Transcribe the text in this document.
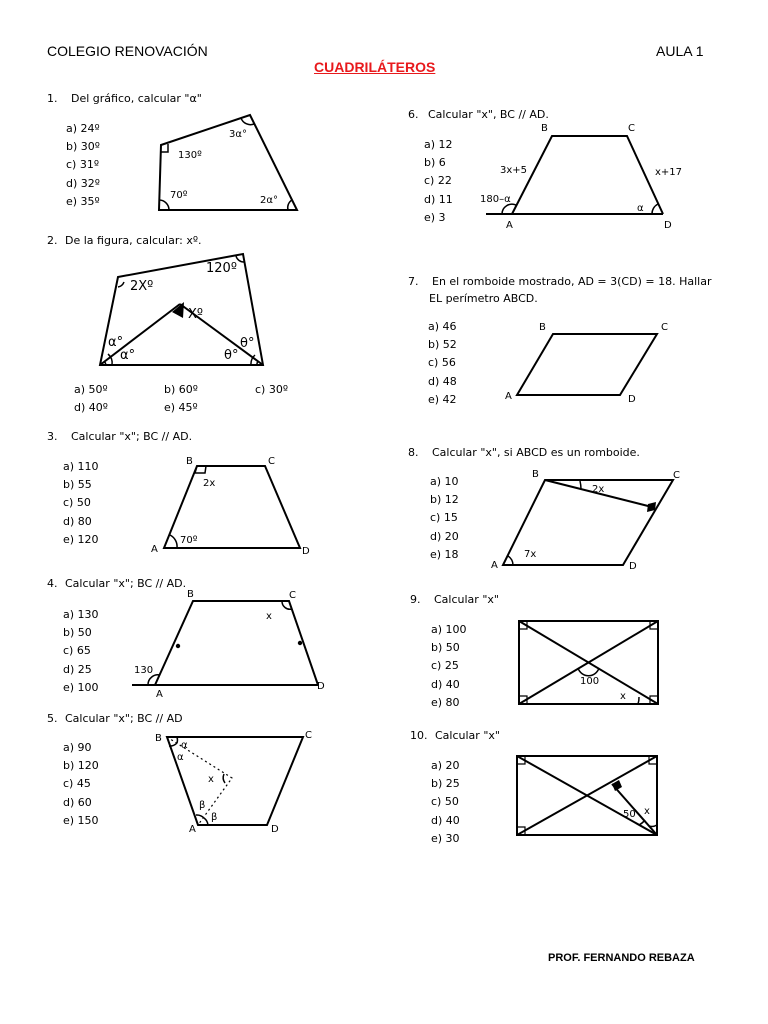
COLEGIO RENOVACIÓN	AULA 1
CUADRILÁTEROS
1. Del gráfico, calcular "α"
a) 24º
b) 30º
c) 31º
d) 32º
e) 35º
3α°
130º
70º	2α°
2. De la figura, calcular: xº.
2Xº
120º
Xº
α°
α°
θ°
θ°
a) 50º
d) 40º
b) 60º
e) 45º
c) 30º
3. Calcular "x"; BC // AD.
a) 110
b) 55
c) 50
d) 80
e) 120
B	C
A	D
2x
70º
4. Calcular "x"; BC // AD.
a) 130
b) 50
c) 65
d) 25
e) 100
B	C
A
D
x
130
5. Calcular "x"; BC // AD
a) 90
b) 120
c) 45
d) 60
e) 150
B	C
A	D
α
α
β
β
x
6. Calcular "x", BC // AD.
a) 12
b) 6
c) 22
d) 11
e) 3
B	C
A	D
3x+5	x+17
180–α
α
7. En el romboide mostrado, AD = 3(CD) = 18. Hallar
EL perímetro ABCD.
a) 46
b) 52
c) 56
d) 48
e) 42
B	C
A	D
8. Calcular "x", si ABCD es un romboide.
a) 10
b) 12
c) 15
d) 20
e) 18
B	C
A	D
2x
7x
9. Calcular "x"
a) 100
b) 50
c) 25
d) 40
e) 80
100
x
10. Calcular "x"
a) 20
b) 25
c) 50
d) 40
e) 30
50 x
PROF. FERNANDO REBAZA
